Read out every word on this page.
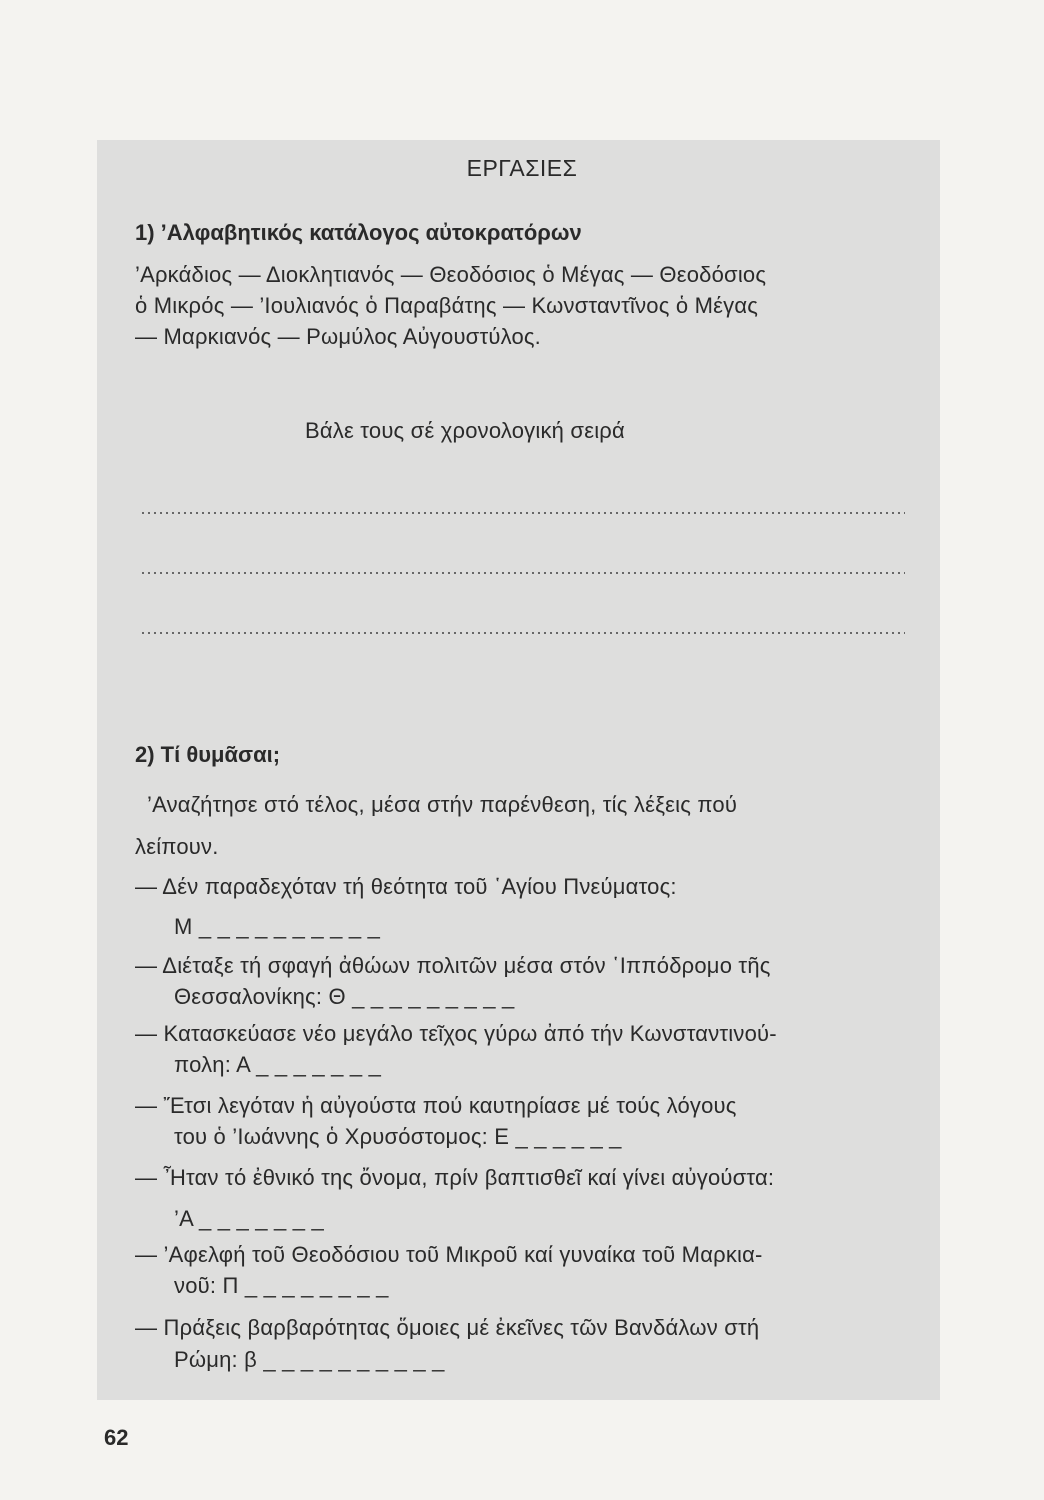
ΕΡΓΑΣΙΕΣ
1) ’Αλφαβητικός κατάλογος αὐτοκρατόρων
’Αρκάδιος — Διοκλητιανός — Θεοδόσιος ὁ Μέγας — Θεοδόσιος
ὁ Μικρός — ’Ιουλιανός ὁ Παραβάτης — Κωνσταντῖνος ὁ Μέγας
— Μαρκιανός — Ρωμύλος Αὐγουστύλος.
Βάλε τους σέ χρονολογική σειρά
2) Τί θυμᾶσαι;
’Αναζήτησε στό τέλος, μέσα στήν παρένθεση, τίς λέξεις πού
λείπουν.
— Δέν παραδεχόταν τή θεότητα τοῦ ῾Αγίου Πνεύματος:
Μ _ _ _ _ _ _ _ _ _ _
— Διέταξε τή σφαγή ἀθώων πολιτῶν μέσα στόν ῾Ιππόδρομο τῆς
Θεσσαλονίκης: Θ _ _ _ _ _ _ _ _ _
— Κατασκεύασε νέο μεγάλο τεῖχος γύρω ἀπό τήν Κωνσταντινού-
πολη: Α _ _ _ _ _ _ _
— Ἔτσι λεγόταν ἡ αὐγούστα πού καυτηρίασε μέ τούς λόγους
του ὁ ’Ιωάννης ὁ Χρυσόστομος: Ε _ _ _ _ _ _
— Ἦταν τό ἐθνικό της ὄνομα, πρίν βαπτισθεῖ καί γίνει αὐγούστα:
’Α _ _ _ _ _ _ _
— ’Αφελφή τοῦ Θεοδόσιου τοῦ Μικροῦ καί γυναίκα τοῦ Μαρκια-
νοῦ: Π _ _ _ _ _ _ _ _
— Πράξεις βαρβαρότητας ὅμοιες μέ ἐκεῖνες τῶν Βανδάλων στή
Ρώμη: β _ _ _ _ _ _ _ _ _ _
62
